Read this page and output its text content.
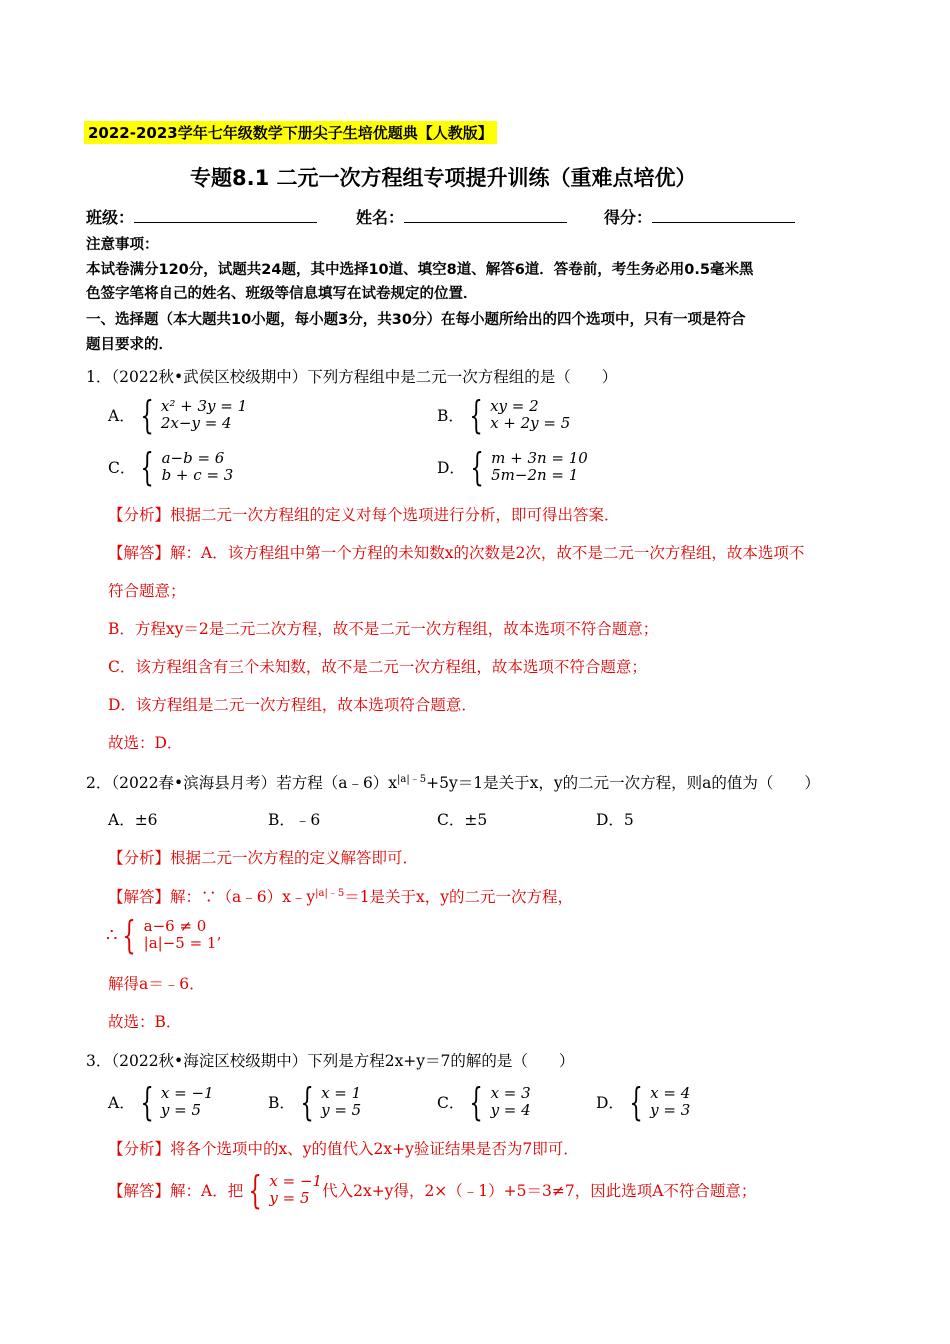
2022-2023学年七年级数学下册尖子生培优题典【人教版】
专题8.1 二元一次方程组专项提升训练（重难点培优）
班级：	姓名：	得分：
注意事项：
本试卷满分120分，试题共24题，其中选择10道、填空8道、解答6道．答卷前，考生务必用0.5毫米黑
色签字笔将自己的姓名、班级等信息填写在试卷规定的位置．
一、选择题（本大题共10小题，每小题3分，共30分）在每小题所给出的四个选项中，只有一项是符合
题目要求的．
1．（2022秋•武侯区校级期中）下列方程组中是二元一次方程组的是（　　）
A． { x² + 3y = 1
2x−y = 4	B． { xy = 2
x + 2y = 5
C． { a−b = 6
b + c = 3	D． { m + 3n = 10
5m−2n = 1
【分析】根据二元一次方程组的定义对每个选项进行分析，即可得出答案．
【解答】解：A．该方程组中第一个方程的未知数x的次数是2次，故不是二元一次方程组，故本选项不
符合题意；
B．方程xy＝2是二元二次方程，故不是二元一次方程组，故本选项不符合题意；
C．该方程组含有三个未知数，故不是二元一次方程组，故本选项不符合题意；
D．该方程组是二元一次方程组，故本选项符合题意．
故选：D．
2．（2022春•滨海县月考）若方程$(a﹣6)x^{|a|﹣5}+5y=1$是关于x，y的二元一次方程，则a的值为（　　）
A．±6	B．﹣6	C．±5	D．5
【分析】根据二元一次方程的定义解答即可．
【解答】解：$\because(a﹣6)x﹣y^{|a|﹣5}=1$是关于x，y的二元一次方程，
∴ { a−6 ≠ 0
|a|−5 = 1’
解得a＝﹣6．
故选：B．
3．（2022秋•海淀区校级期中）下列是方程2x+y＝7的解的是（　　）
A． { x = −1
y = 5	B． { x = 1
y = 5	C． { x = 3
y = 4	D． { x = 4
y = 3
【分析】将各个选项中的x、y的值代入2x+y验证结果是否为7即可．
【解答】 解：A．把 { x = −1
y = 5 代入2x+y得，2×（﹣1）+5＝3≠7，因此选项A不符合题意；
